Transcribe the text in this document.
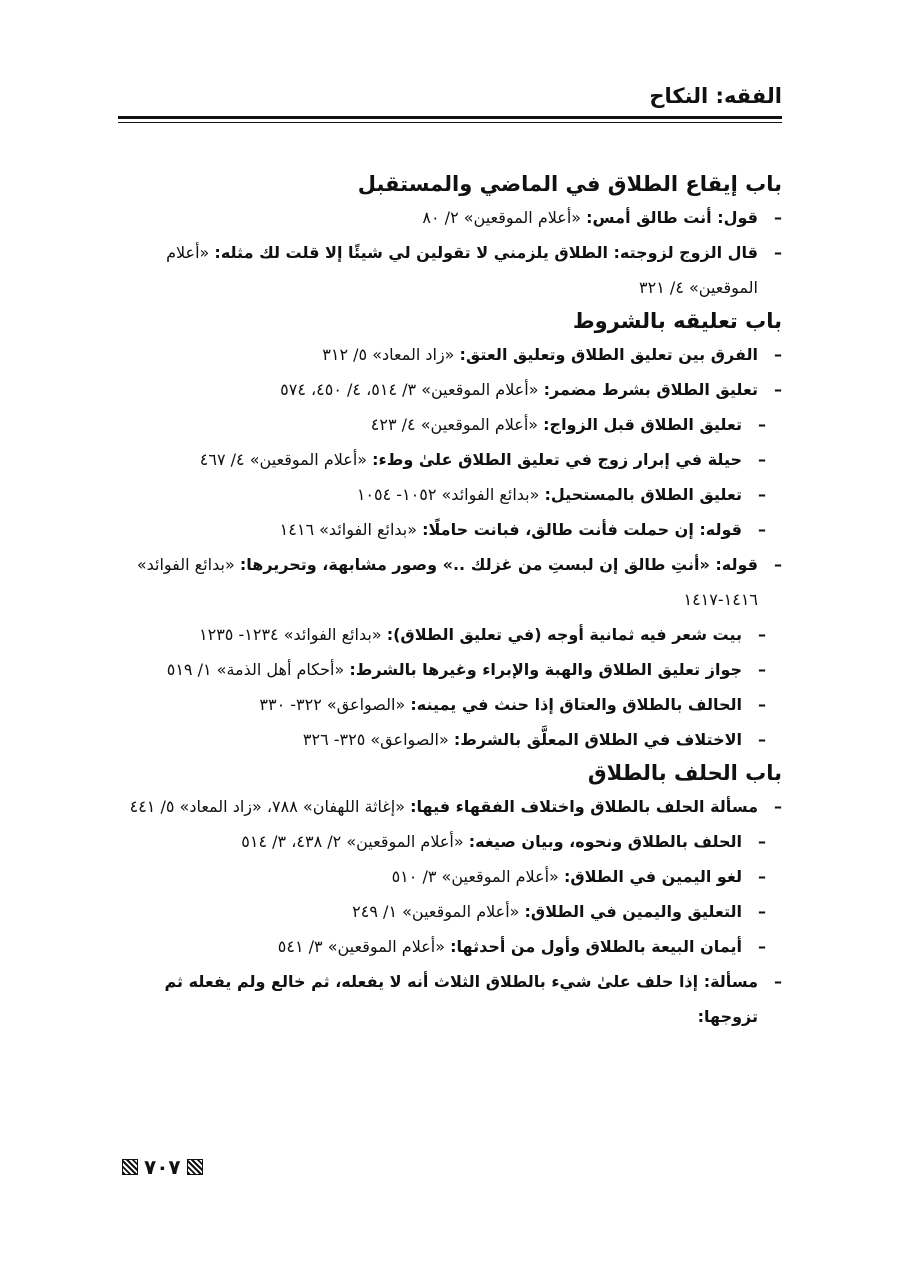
الفقه: النكاح
باب إيقاع الطلاق في الماضي والمستقبل
–
قول: أنت طالق أمس: «أعلام الموقعين» ٢/ ٨٠
–
قال الزوج لزوجته: الطلاق يلزمني لا تقولين لي شيئًا إلا قلت لك مثله: «أعلام
الموقعين» ٤/ ٣٢١
باب تعليقه بالشروط
–
الفرق بين تعليق الطلاق وتعليق العتق: «زاد المعاد» ٥/ ٣١٢
–
تعليق الطلاق بشرط مضمر: «أعلام الموقعين» ٣/ ٥١٤، ٤/ ٤٥٠، ٥٧٤
–
تعليق الطلاق قبل الزواج: «أعلام الموقعين» ٤/ ٤٢٣
–
حيلة في إبرار زوج في تعليق الطلاق علىٰ وطء: «أعلام الموقعين» ٤/ ٤٦٧
–
تعليق الطلاق بالمستحيل: «بدائع الفوائد» ١٠٥٢- ١٠٥٤
–
قوله: إن حملت فأنت طالق، فبانت حاملًا: «بدائع الفوائد» ١٤١٦
–
قوله: «أنتِ طالق إن لبستِ من غزلك ..» وصور مشابهة، وتحريرها: «بدائع الفوائد»
١٤١٦-١٤١٧
–
بيت شعر فيه ثمانية أوجه (في تعليق الطلاق): «بدائع الفوائد» ١٢٣٤- ١٢٣٥
–
جواز تعليق الطلاق والهبة والإبراء وغيرها بالشرط: «أحكام أهل الذمة» ١/ ٥١٩
–
الحالف بالطلاق والعتاق إذا حنث في يمينه: «الصواعق» ٣٢٢- ٣٣٠
–
الاختلاف في الطلاق المعلَّق بالشرط: «الصواعق» ٣٢٥- ٣٢٦
باب الحلف بالطلاق
–
مسألة الحلف بالطلاق واختلاف الفقهاء فيها: «إغاثة اللهفان» ٧٨٨، «زاد المعاد» ٥/ ٤٤١
–
الحلف بالطلاق ونحوه، وبيان صيغه: «أعلام الموقعين» ٢/ ٤٣٨، ٣/ ٥١٤
–
لغو اليمين في الطلاق: «أعلام الموقعين» ٣/ ٥١٠
–
التعليق واليمين في الطلاق: «أعلام الموقعين» ١/ ٢٤٩
–
أيمان البيعة بالطلاق وأول من أحدثها: «أعلام الموقعين» ٣/ ٥٤١
–
مسألة: إذا حلف علىٰ شيء بالطلاق الثلاث أنه لا يفعله، ثم خالع ولم يفعله ثم تزوجها:
٧٠٧
